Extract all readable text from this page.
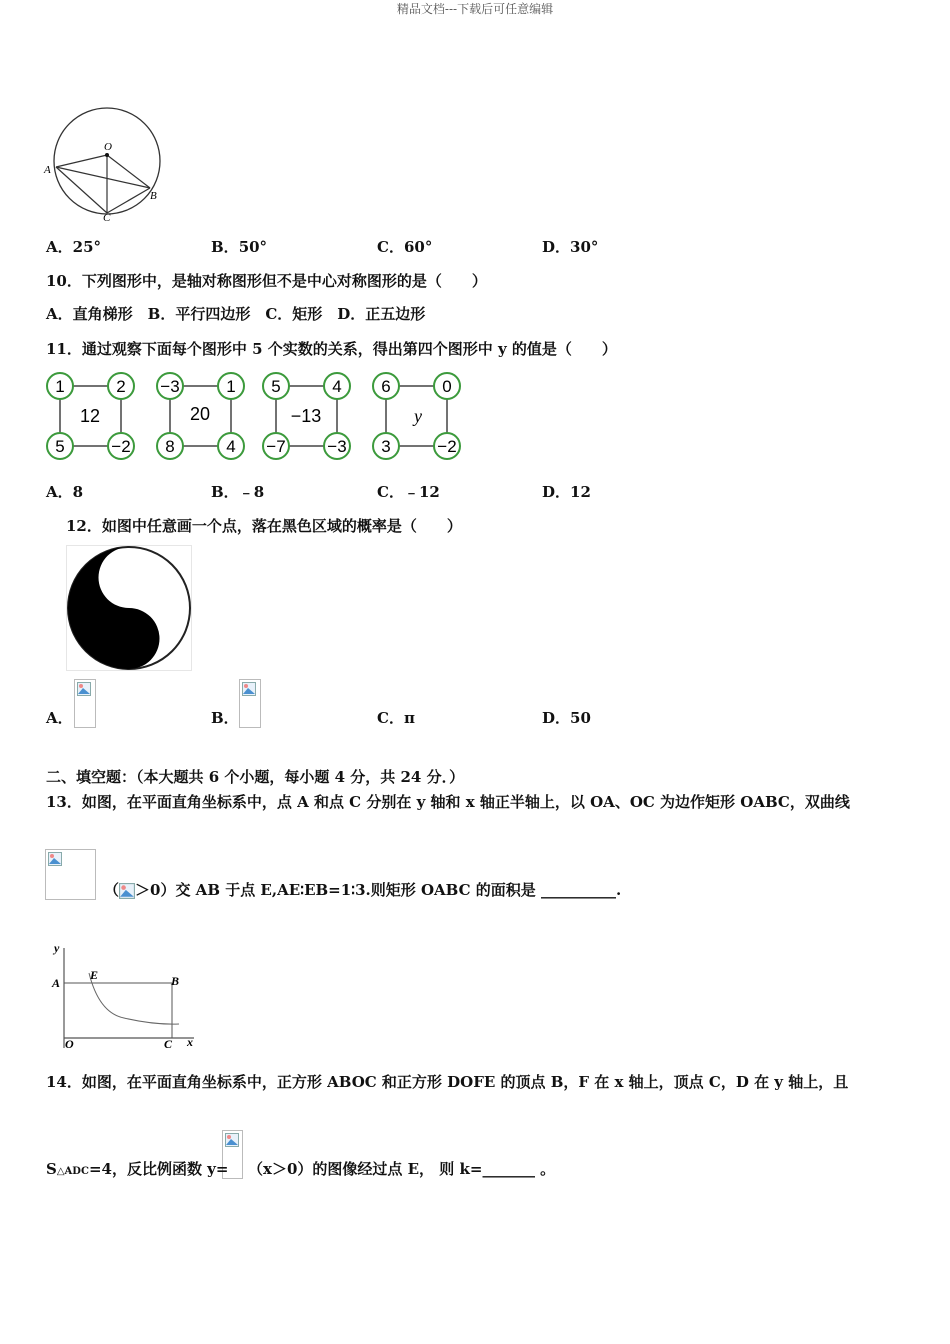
精品文档---下载后可任意编辑
O
A
B
C
A．25°	B．50°	C．60°	D．30°
10．下列图形中，是轴对称图形但不是中心对称图形的是（　　）
A．直角梯形　B．平行四边形　C．矩形　D．正五边形
11．通过观察下面每个图形中 5 个实数的关系，得出第四个图形中 y 的值是（　　）
1	2
5	−2
12
−3	1
8	4
20
5	4
−7 −3
−13
6	0
3	−2
y
A．8	B．﹣8	C．﹣12	D．12
12．如图中任意画一个点，落在黑色区域的概率是（　　）
A．	B．	C．π	D．50
二、填空题：（本大题共 6 个小题，每小题 4 分，共 24 分．）
13．如图，在平面直角坐标系中，点 A 和点 C 分别在 y 轴和 x 轴正半轴上，以 OA、OC 为边作矩形 OABC，双曲线
（ ＞0）交 AB 于点 E,AE∶EB=1∶3.则矩形 OABC 的面积是 __________.
y
A
E	B
O	C x
14．如图，在平面直角坐标系中，正方形 ABOC 和正方形 DOFE 的顶点 B，F 在 x 轴上，顶点 C，D 在 y 轴上，且
S△ADC=4，反比例函数 y= （x＞0）的图像经过点 E， 则 k=_______ 。
